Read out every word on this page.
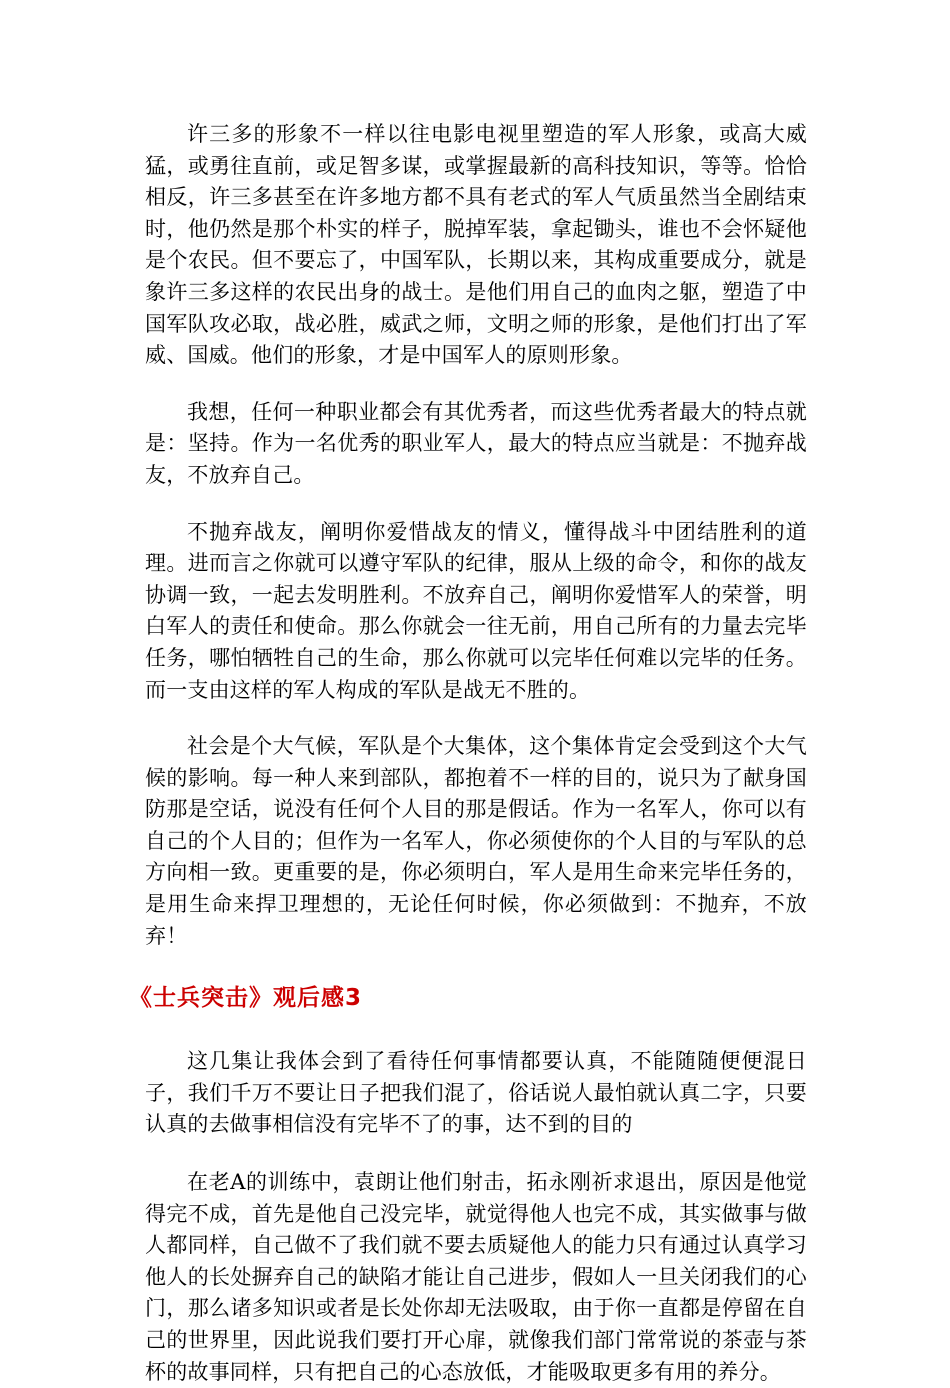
许三多的形象不一样以往电影电视里塑造的军人形象，或高大威猛，或勇往直前，或足智多谋，或掌握最新的高科技知识，等等。恰恰相反，许三多甚至在许多地方都不具有老式的军人气质虽然当全剧结束时，他仍然是那个朴实的样子，脱掉军装，拿起锄头，谁也不会怀疑他是个农民。但不要忘了，中国军队，长期以来，其构成重要成分，就是象许三多这样的农民出身的战士。是他们用自己的血肉之躯，塑造了中国军队攻必取，战必胜，威武之师，文明之师的形象，是他们打出了军威、国威。他们的形象，才是中国军人的原则形象。

我想，任何一种职业都会有其优秀者，而这些优秀者最大的特点就是：坚持。作为一名优秀的职业军人，最大的特点应当就是：不抛弃战友，不放弃自己。

不抛弃战友，阐明你爱惜战友的情义，懂得战斗中团结胜利的道理。进而言之你就可以遵守军队的纪律，服从上级的命令，和你的战友协调一致，一起去发明胜利。不放弃自己，阐明你爱惜军人的荣誉，明白军人的责任和使命。那么你就会一往无前，用自己所有的力量去完毕任务，哪怕牺牲自己的生命，那么你就可以完毕任何难以完毕的任务。而一支由这样的军人构成的军队是战无不胜的。

社会是个大气候，军队是个大集体，这个集体肯定会受到这个大气候的影响。每一种人来到部队，都抱着不一样的目的，说只为了献身国防那是空话，说没有任何个人目的那是假话。作为一名军人，你可以有自己的个人目的；但作为一名军人，你必须使你的个人目的与军队的总方向相一致。更重要的是，你必须明白，军人是用生命来完毕任务的，是用生命来捍卫理想的，无论任何时候，你必须做到：不抛弃，不放弃！

《士兵突击》观后感3

这几集让我体会到了看待任何事情都要认真，不能随随便便混日子，我们千万不要让日子把我们混了，俗话说人最怕就认真二字，只要认真的去做事相信没有完毕不了的事，达不到的目的

在老A的训练中，袁朗让他们射击，拓永刚祈求退出，原因是他觉得完不成，首先是他自己没完毕，就觉得他人也完不成，其实做事与做人都同样，自己做不了我们就不要去质疑他人的能力只有通过认真学习他人的长处摒弃自己的缺陷才能让自己进步，假如人一旦关闭我们的心门，那么诸多知识或者是长处你却无法吸取，由于你一直都是停留在自己的世界里，因此说我们要打开心扉，就像我们部门常常说的茶壶与茶杯的故事同样，只有把自己的心态放低，才能吸取更多有用的养分。
